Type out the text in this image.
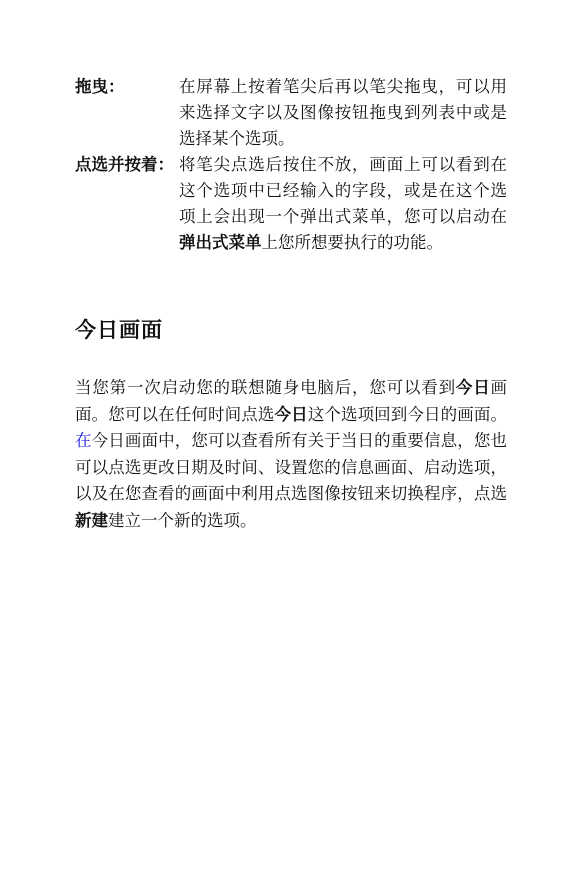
拖曳：	在屏幕上按着笔尖后再以笔尖拖曳，可以用来选择文字以及图像按钮拖曳到列表中或是选择某个选项。
点选并按着： 将笔尖点选后按住不放，画面上可以看到在这个选项中已经输入的字段，或是在这个选项上会出现一个弹出式菜单，您可以启动在弹出式菜单上您所想要执行的功能。
今日画面

当您第一次启动您的联想随身电脑后，您可以看到今日画面。您可以在任何时间点选今日这个选项回到今日的画面。在今日画面中，您可以查看所有关于当日的重要信息，您也可以点选更改日期及时间、设置您的信息画面、启动选项，以及在您查看的画面中利用点选图像按钮来切换程序，点选新建建立一个新的选项。
